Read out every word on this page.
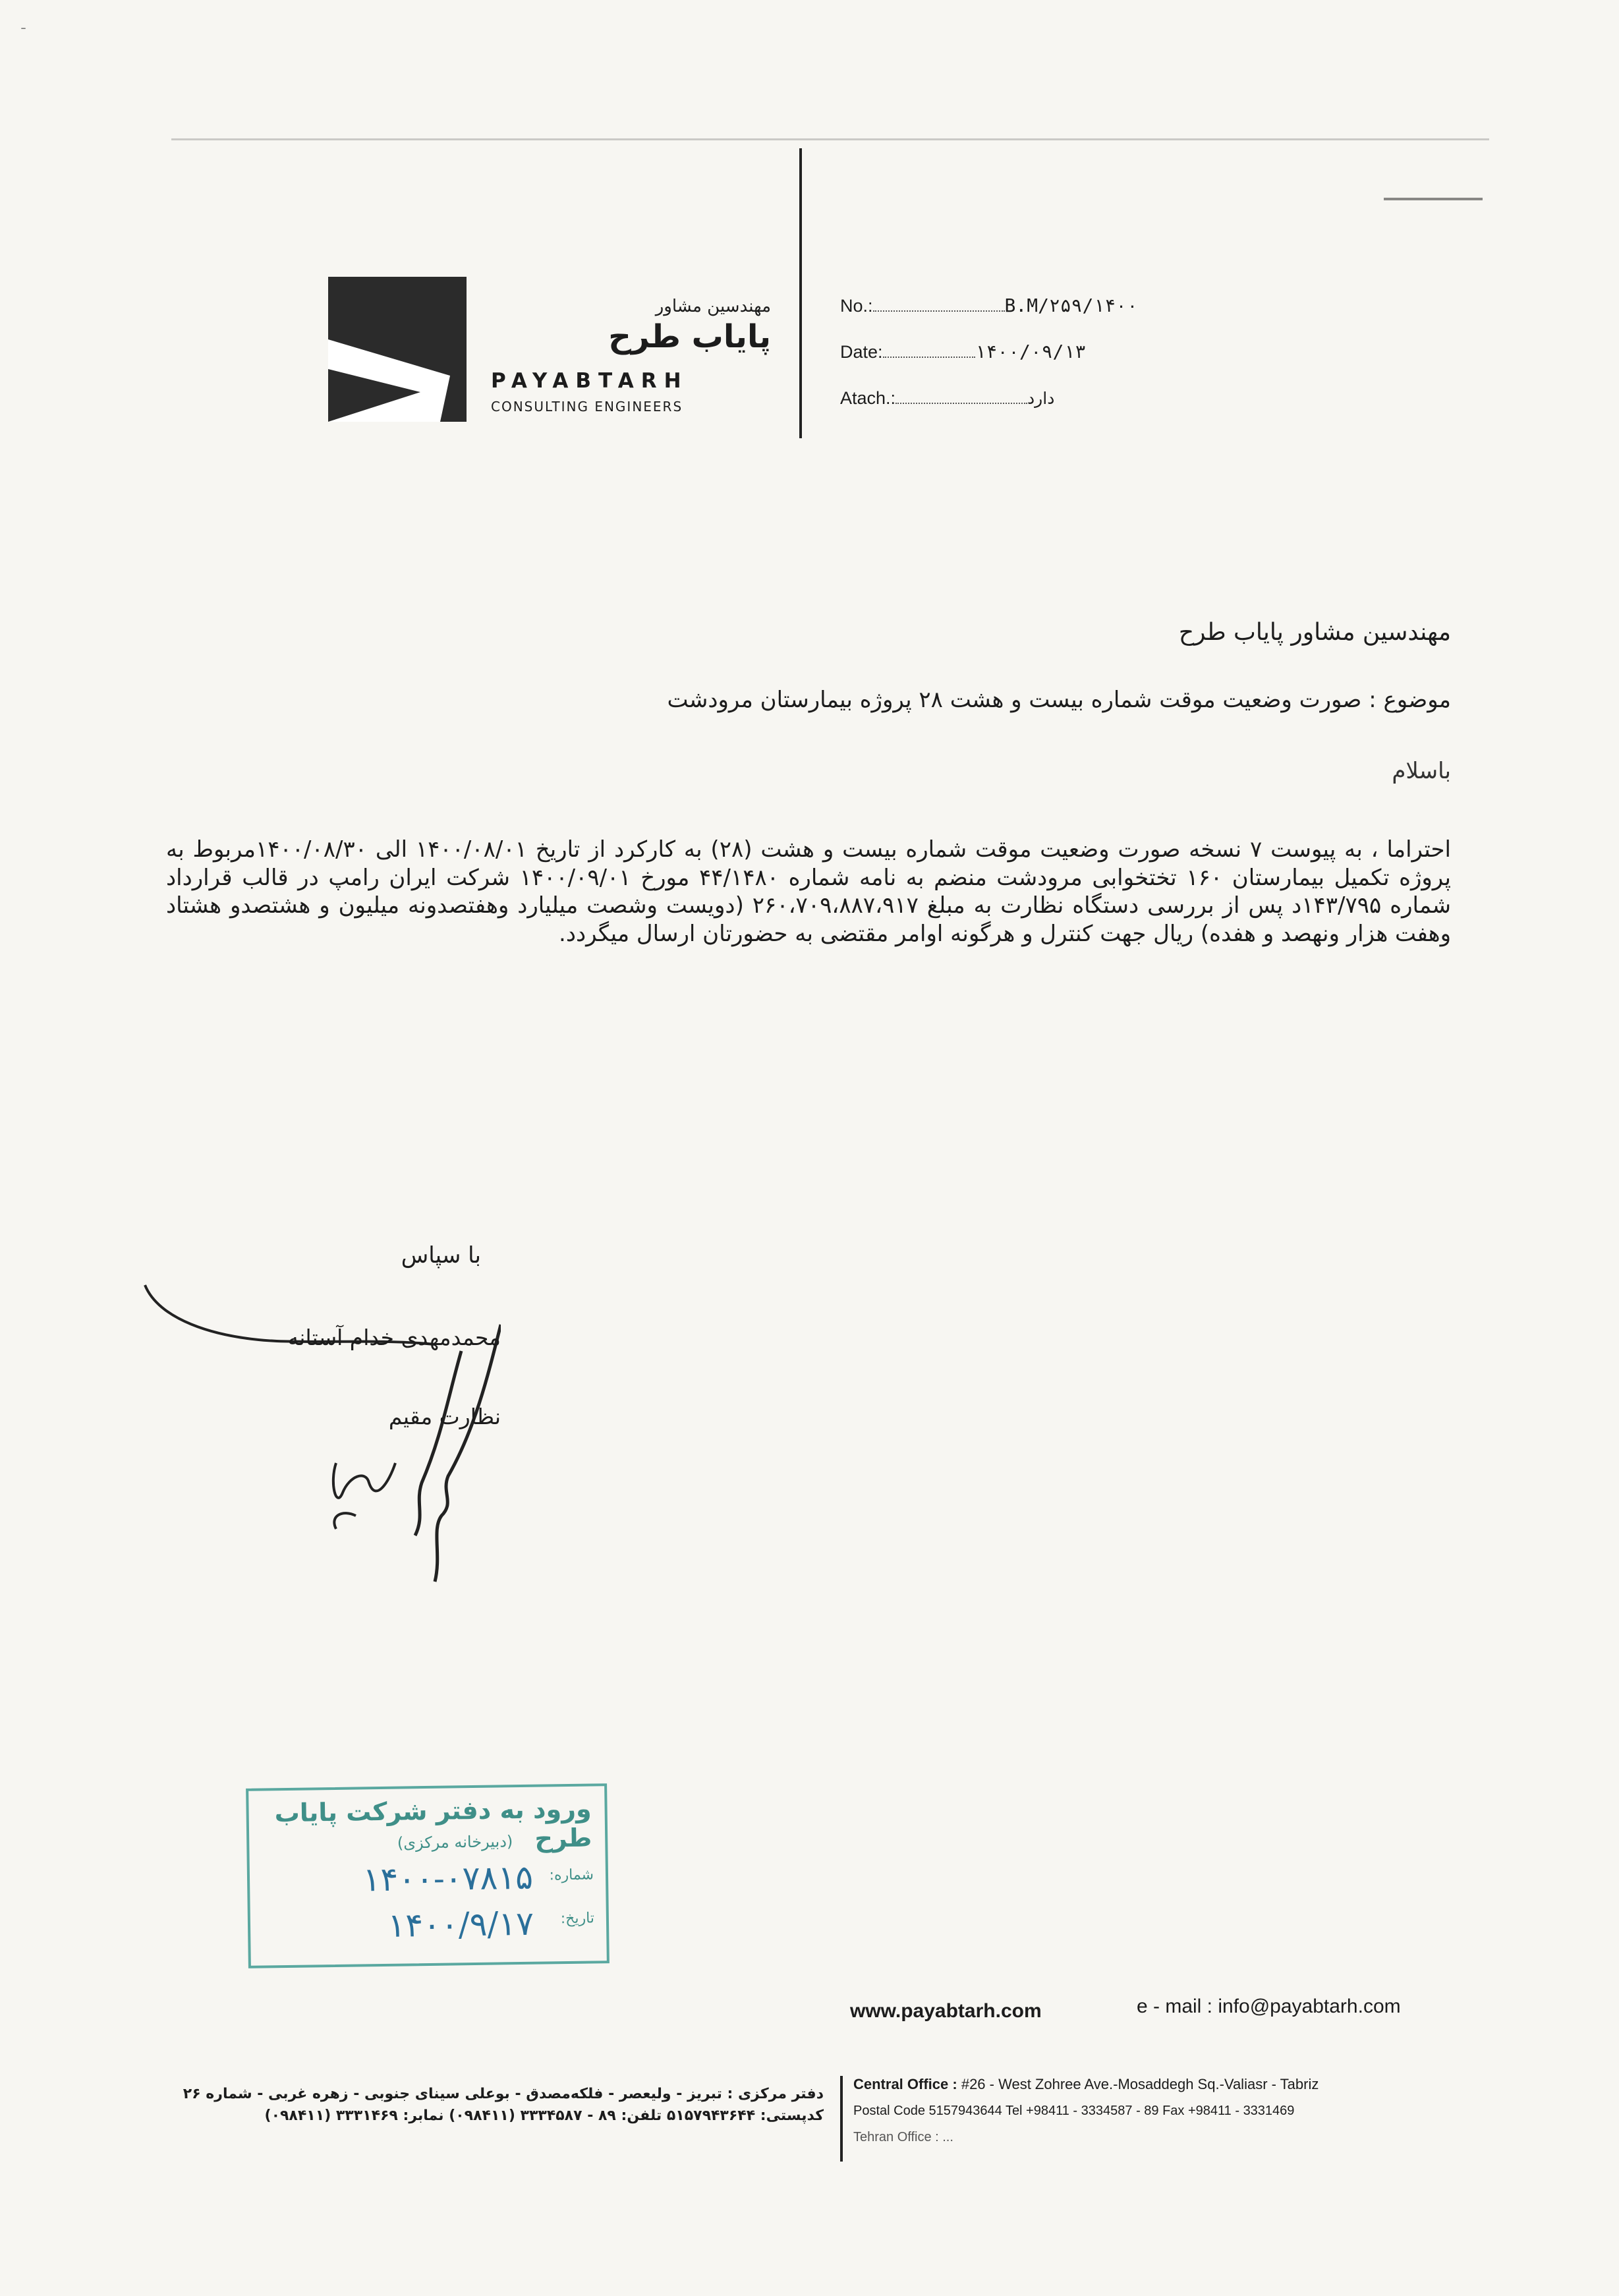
ˉ
مهندسین مشاور
پایاب طرح
PAYABTARH
CONSULTING ENGINEERS
No.:	B.M/۲۵۹/۱۴۰۰
Date:	۱۴۰۰/۰۹/۱۳
Atach.:	دارد
مهندسین مشاور پایاب طرح
موضوع : صورت وضعیت موقت شماره بیست و هشت ۲۸ پروژه بیمارستان مرودشت
باسلام

احتراما ، به پیوست ۷ نسخه صورت وضعیت موقت شماره بیست و هشت (۲۸) به کارکرد از تاریخ ۱۴۰۰/۰۸/۰۱ الی ۱۴۰۰/۰۸/۳۰مربوط به پروژه تکمیل بیمارستان ۱۶۰ تختخوابی مرودشت منضم به نامه شماره ۴۴/۱۴۸۰ مورخ ۱۴۰۰/۰۹/۰۱ شرکت ایران رامپ در قالب قرارداد شماره ۱۴۳/۷۹۵د پس از بررسی دستگاه نظارت به مبلغ ۲۶۰،۷۰۹،۸۸۷،۹۱۷ (دویست وشصت میلیارد وهفتصدونه میلیون و هشتصدو هشتاد وهفت هزار ونهصد و هفده) ریال جهت کنترل و هرگونه اوامر مقتضی به حضورتان ارسال میگردد.

با سپاس
محمدمهدی خدام آستانه
نظارت مقیم
ورود به دفتر شرکت پایاب طرح
(دبیرخانه مرکزی)
شماره:
۱۴۰۰-۰۷۸۱۵
تاریخ:
۱۴۰۰/۹/۱۷
www.payabtarh.com	e - mail : info@payabtarh.com
دفتر مرکزی : تبریز - ولیعصر - فلکه‌مصدق - بوعلی سینای جنوبی - زهره غربی - شماره ۲۶
کدپستی: ۵۱۵۷۹۴۳۶۴۴ تلفن: ۸۹ - ۳۳۳۴۵۸۷ (۰۹۸۴۱۱) نمابر: ۳۳۳۱۴۶۹ (۰۹۸۴۱۱)
Central Office : #26 - West Zohree Ave.-Mosaddegh Sq.-Valiasr - Tabriz
Postal Code 5157943644 Tel +98411 - 3334587 - 89 Fax +98411 - 3331469
Tehran Office : ...
